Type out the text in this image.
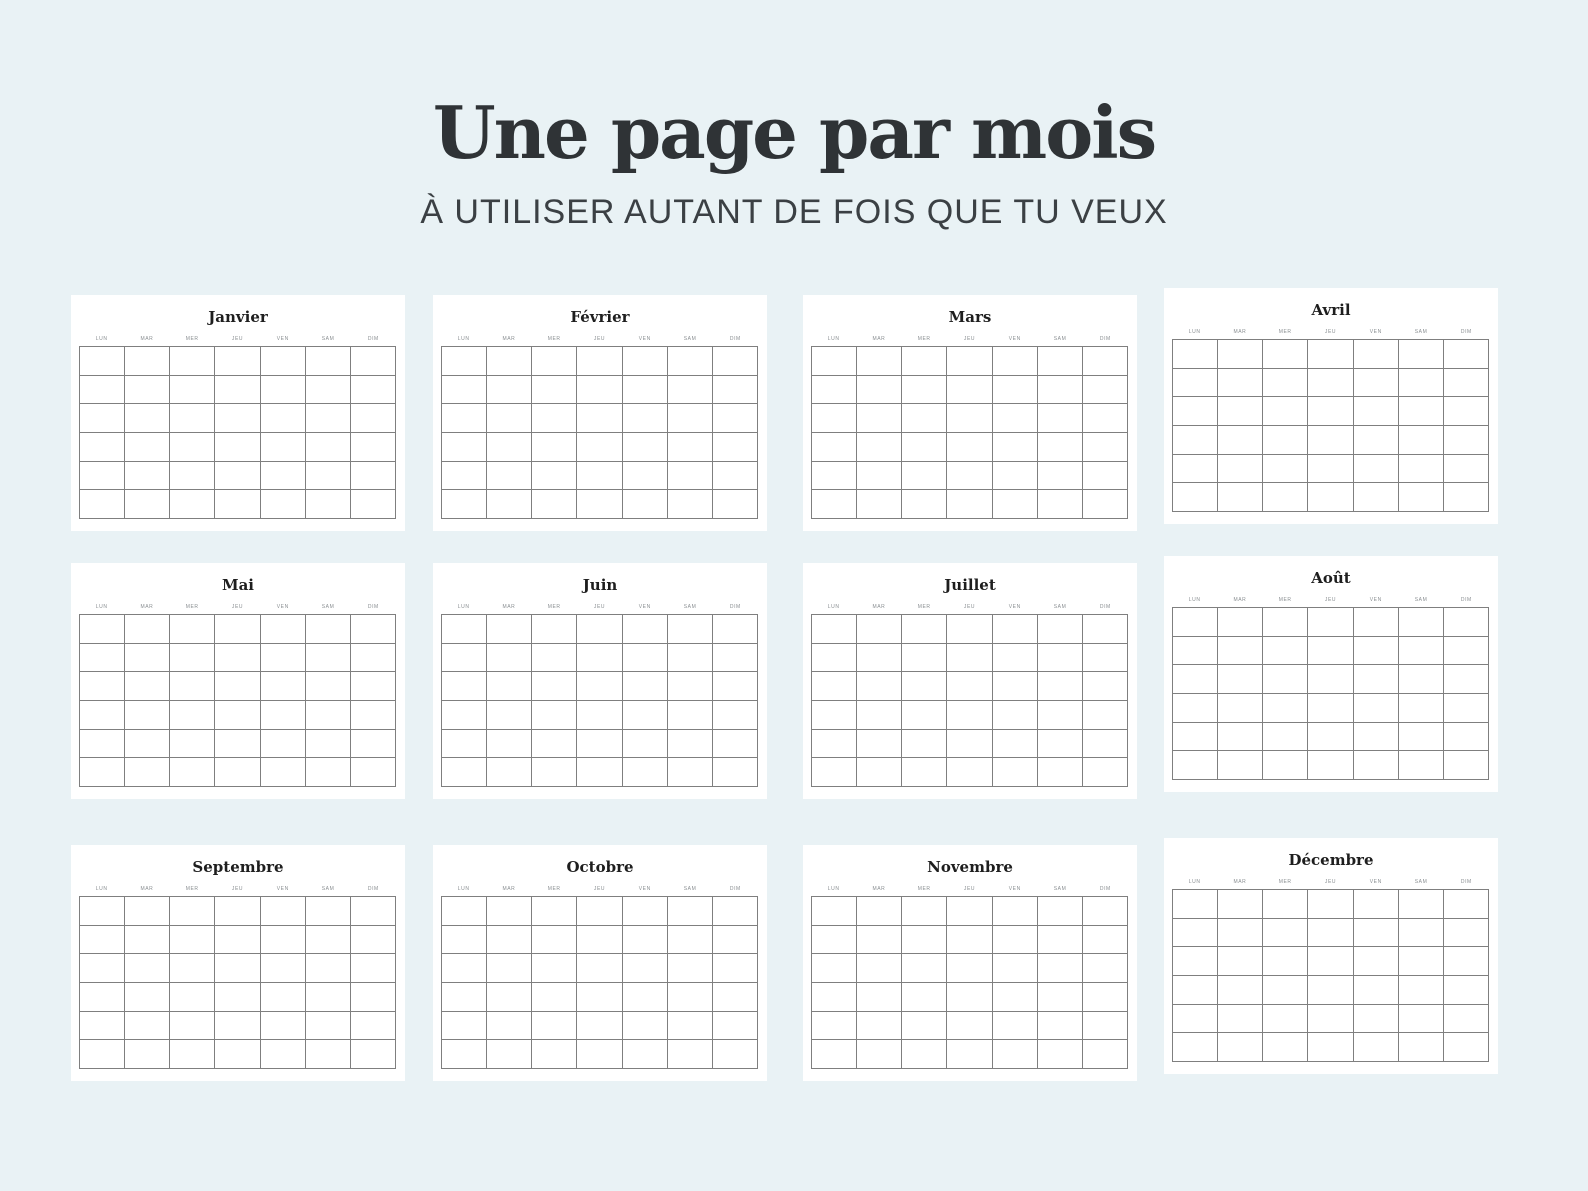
Une page par mois

À UTILISER AUTANT DE FOIS QUE TU VEUX

Janvier
LUN	MAR	MER	JEU	VEN	SAM	DIM
Février
LUN	MAR	MER	JEU	VEN	SAM	DIM
Mars
LUN	MAR	MER	JEU	VEN	SAM	DIM
Avril
LUN	MAR	MER	JEU	VEN	SAM	DIM
Mai
LUN	MAR	MER	JEU	VEN	SAM	DIM
Juin
LUN	MAR	MER	JEU	VEN	SAM	DIM
Juillet
LUN	MAR	MER	JEU	VEN	SAM	DIM
Août
LUN	MAR	MER	JEU	VEN	SAM	DIM
Septembre
LUN	MAR	MER	JEU	VEN	SAM	DIM
Octobre
LUN	MAR	MER	JEU	VEN	SAM	DIM
Novembre
LUN	MAR	MER	JEU	VEN	SAM	DIM
Décembre
LUN	MAR	MER	JEU	VEN	SAM	DIM
